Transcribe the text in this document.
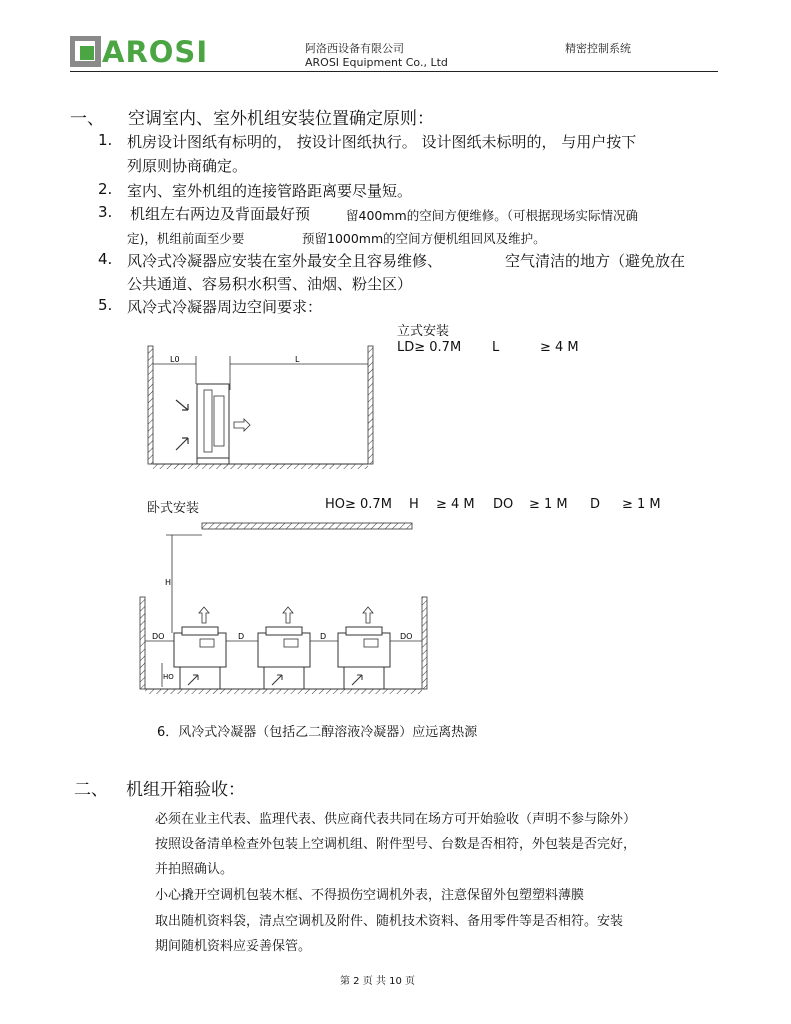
AROSI	阿洛西设备有限公司
AROSI Equipment Co., Ltd
精密控制系统
一、 空调室内、室外机组安装位置确定原则：
1. 机房设计图纸有标明的， 按设计图纸执行。 设计图纸未标明的， 与用户按下
列原则协商确定。
2. 室内、室外机组的连接管路距离要尽量短。
3. 机组左右两边及背面最好预	留400mm的空间方便维修。（可根据现场实际情况确
定)，机组前面至少要	预留1000mm的空间方便机组回风及维护。
4. 风冷式冷凝器应安装在室外最安全且容易维修、	空气清洁的地方（避免放在
公共通道、容易积水积雪、油烟、粉尘区）
5. 风冷式冷凝器周边空间要求：
立式安装
LD≥ 0.7M L	≥ 4 M
L0	L
卧式安装	HO≥ 0.7M H ≥ 4 M DO ≥ 1 M D ≥ 1 M
H
DO
HO
D	D	DO
6．风冷式冷凝器（包括乙二醇溶液冷凝器）应远离热源
二、 机组开箱验收：
必须在业主代表、监理代表、供应商代表共同在场方可开始验收（声明不参与除外）
按照设备清单检查外包装上空调机组、附件型号、台数是否相符，外包装是否完好，
并拍照确认。
小心撬开空调机包装木框、不得损伤空调机外表，注意保留外包塑塑料薄膜
取出随机资料袋，清点空调机及附件、随机技术资料、备用零件等是否相符。安装
期间随机资料应妥善保管。
第 2 页 共 10 页
